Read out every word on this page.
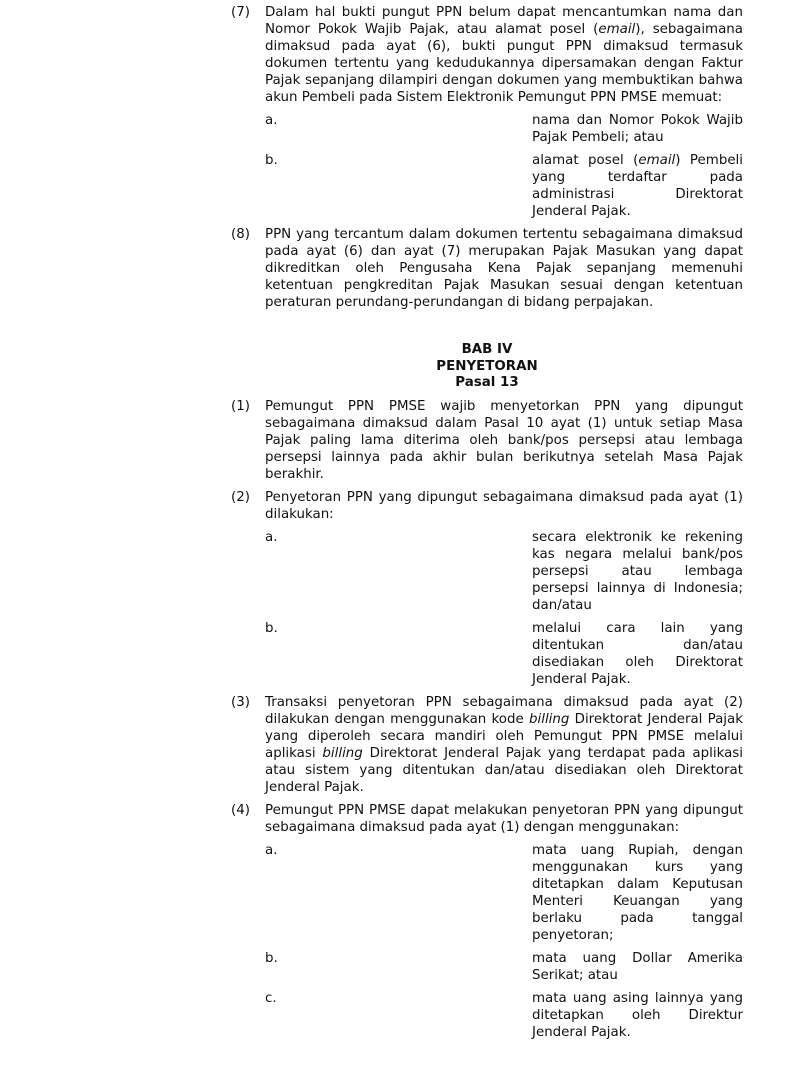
(7)	Dalam hal bukti pungut PPN belum dapat mencantumkan nama dan Nomor Pokok Wajib Pajak, atau alamat posel (email), sebagaimana dimaksud pada ayat (6), bukti pungut PPN dimaksud termasuk dokumen tertentu yang kedudukannya dipersamakan dengan Faktur Pajak sepanjang dilampiri dengan dokumen yang membuktikan bahwa akun Pembeli pada Sistem Elektronik Pemungut PPN PMSE memuat:
a.	nama dan Nomor Pokok Wajib Pajak Pembeli; atau
b.	alamat posel (email) Pembeli yang terdaftar pada administrasi Direktorat Jenderal Pajak.
(8)	PPN yang tercantum dalam dokumen tertentu sebagaimana dimaksud pada ayat (6) dan ayat (7) merupakan Pajak Masukan yang dapat dikreditkan oleh Pengusaha Kena Pajak sepanjang memenuhi ketentuan pengkreditan Pajak Masukan sesuai dengan ketentuan peraturan perundang-perundangan di bidang perpajakan.
BAB IV
PENYETORAN
Pasal 13
(1)	Pemungut PPN PMSE wajib menyetorkan PPN yang dipungut sebagaimana dimaksud dalam Pasal 10 ayat (1) untuk setiap Masa Pajak paling lama diterima oleh bank/pos persepsi atau lembaga persepsi lainnya pada akhir bulan berikutnya setelah Masa Pajak berakhir.
(2)	Penyetoran PPN yang dipungut sebagaimana dimaksud pada ayat (1) dilakukan:
a.	secara elektronik ke rekening kas negara melalui bank/pos persepsi atau lembaga persepsi lainnya di Indonesia; dan/atau
b.	melalui cara lain yang ditentukan dan/atau disediakan oleh Direktorat Jenderal Pajak.
(3)	Transaksi penyetoran PPN sebagaimana dimaksud pada ayat (2) dilakukan dengan menggunakan kode billing Direktorat Jenderal Pajak yang diperoleh secara mandiri oleh Pemungut PPN PMSE melalui aplikasi billing Direktorat Jenderal Pajak yang terdapat pada aplikasi atau sistem yang ditentukan dan/atau disediakan oleh Direktorat Jenderal Pajak.
(4)	Pemungut PPN PMSE dapat melakukan penyetoran PPN yang dipungut sebagaimana dimaksud pada ayat (1) dengan menggunakan:
a.	mata uang Rupiah, dengan menggunakan kurs yang ditetapkan dalam Keputusan Menteri Keuangan yang berlaku pada tanggal penyetoran;
b.	mata uang Dollar Amerika Serikat; atau
c.	mata uang asing lainnya yang ditetapkan oleh Direktur Jenderal Pajak.
